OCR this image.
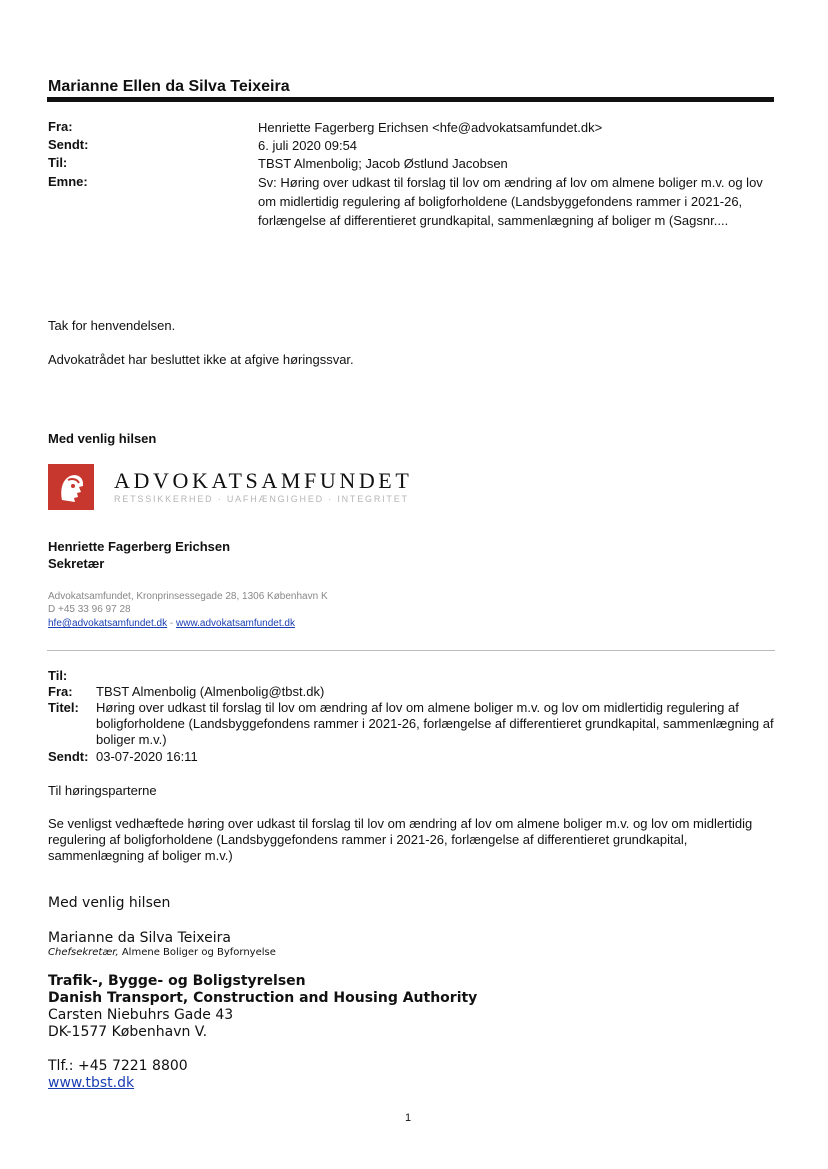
Marianne Ellen da Silva Teixeira
Fra:	Henriette Fagerberg Erichsen <hfe@advokatsamfundet.dk>
Sendt:	6. juli 2020 09:54
Til:	TBST Almenbolig; Jacob Østlund Jacobsen
Emne:	Sv: Høring over udkast til forslag til lov om ændring af lov om almene boliger m.v. og lov om midlertidig regulering af boligforholdene (Landsbyggefondens rammer i 2021-26, forlængelse af differentieret grundkapital, sammenlægning af boliger m (Sagsnr....
Tak for henvendelsen.
Advokatrådet har besluttet ikke at afgive høringssvar.
Med venlig hilsen
ADVOKATSAMFUNDET
RETSSIKKERHED · UAFHÆNGIGHED · INTEGRITET
Henriette Fagerberg Erichsen
Sekretær
Advokatsamfundet, Kronprinsessegade 28, 1306 København K
D +45 33 96 97 28
hfe@advokatsamfundet.dk - www.advokatsamfundet.dk
Til:
Fra: TBST Almenbolig (Almenbolig@tbst.dk)
Titel: Høring over udkast til forslag til lov om ændring af lov om almene boliger m.v. og lov om midlertidig regulering af boligforholdene (Landsbyggefondens rammer i 2021-26, forlængelse af differentieret grundkapital, sammenlægning af boliger m.v.)
Sendt: 03-07-2020 16:11
Til høringsparterne
Se venligst vedhæftede høring over udkast til forslag til lov om ændring af lov om almene boliger m.v. og lov om midlertidig regulering af boligforholdene (Landsbyggefondens rammer i 2021-26, forlængelse af differentieret grundkapital, sammenlægning af boliger m.v.)
Med venlig hilsen
Marianne da Silva Teixeira
Chefsekretær, Almene Boliger og Byfornyelse
Trafik-, Bygge- og Boligstyrelsen
Danish Transport, Construction and Housing Authority
Carsten Niebuhrs Gade 43
DK-1577 København V.
Tlf.: +45 7221 8800
www.tbst.dk
1
